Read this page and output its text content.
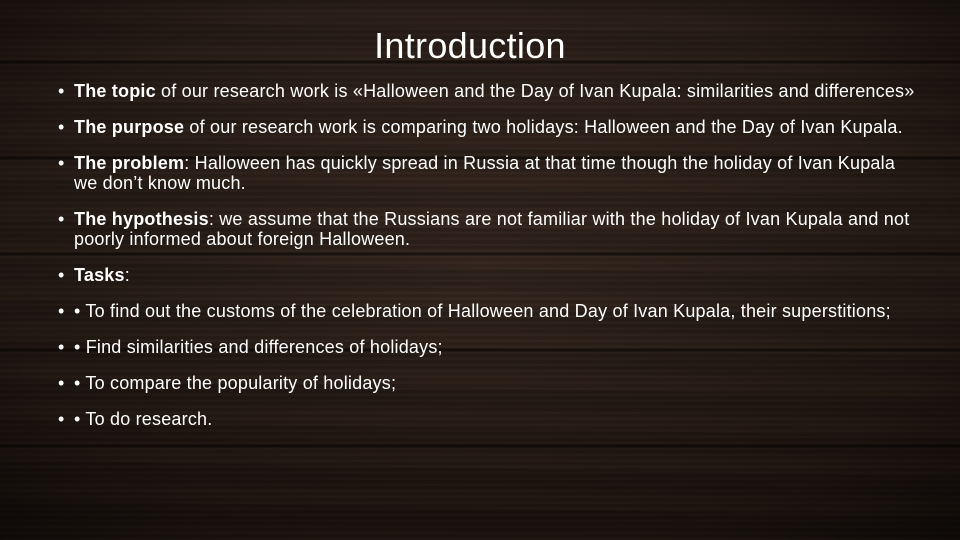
Introduction
• The topic of our research work is «Halloween and the Day of Ivan Kupala: similarities and differences»
• The purpose of our research work is comparing two holidays: Halloween and the Day of Ivan Kupala.
• The problem: Halloween has quickly spread in Russia at that time though the holiday of Ivan Kupala we don’t know much.
• The hypothesis: we assume that the Russians are not familiar with the holiday of Ivan Kupala and not poorly informed about foreign Halloween.
• Tasks:
• • To find out the customs of the celebration of Halloween and Day of Ivan Kupala, their superstitions;
• • Find similarities and differences of holidays;
• • To compare the popularity of holidays;
• • To do research.
